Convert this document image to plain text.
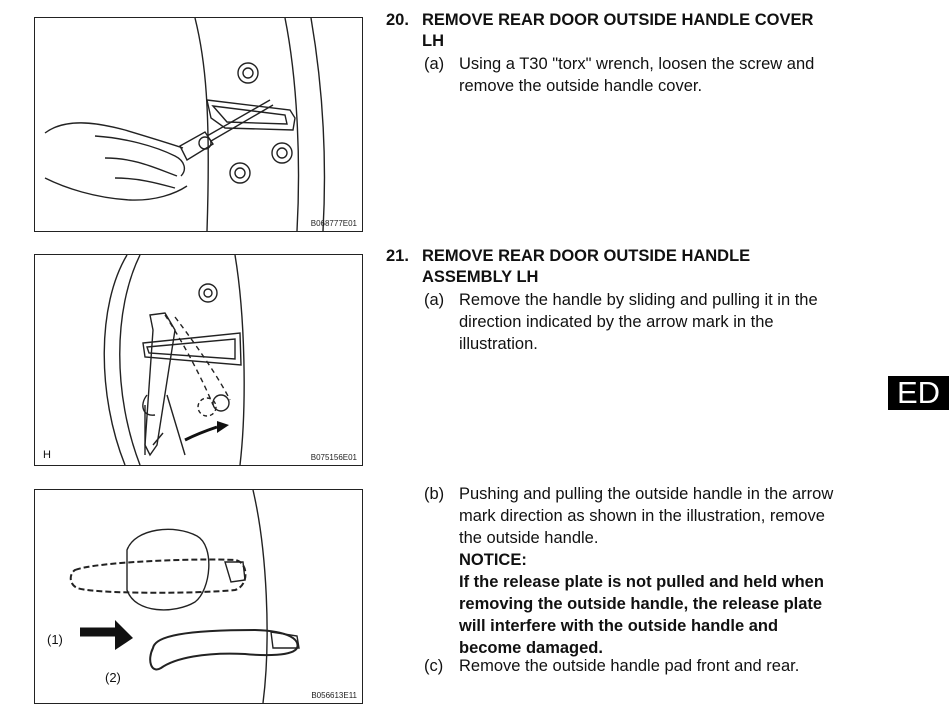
B068777E01
H	B075156E01
(1)
(2)
B056613E11
20. REMOVE REAR DOOR OUTSIDE HANDLE COVER
LH
(a) Using a T30 "torx" wrench, loosen the screw and
remove the outside handle cover.
21. REMOVE REAR DOOR OUTSIDE HANDLE
ASSEMBLY LH
(a) Remove the handle by sliding and pulling it in the
direction indicated by the arrow mark in the
illustration.
(b) Pushing and pulling the outside handle in the arrow
mark direction as shown in the illustration, remove
the outside handle.
NOTICE:
If the release plate is not pulled and held when
removing the outside handle, the release plate
will interfere with the outside handle and
become damaged.
(c) Remove the outside handle pad front and rear.
ED
